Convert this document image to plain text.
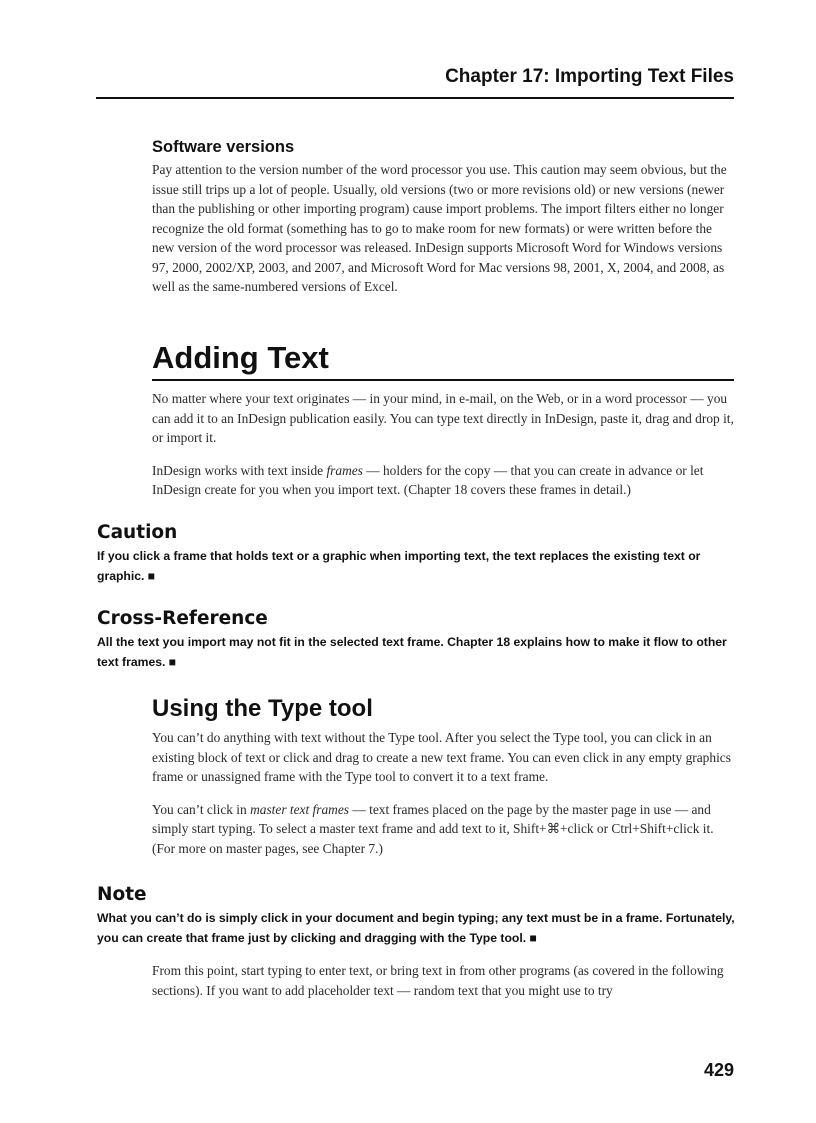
Chapter 17: Importing Text Files
Software versions

Pay attention to the version number of the word processor you use. This caution may seem obvious, but the issue still trips up a lot of people. Usually, old versions (two or more revisions old) or new versions (newer than the publishing or other importing program) cause import problems. The import filters either no longer recognize the old format (something has to go to make room for new formats) or were written before the new version of the word processor was released. InDesign supports Microsoft Word for Windows versions 97, 2000, 2002/XP, 2003, and 2007, and Microsoft Word for Mac versions 98, 2001, X, 2004, and 2008, as well as the same-numbered versions of Excel.

Adding Text

No matter where your text originates — in your mind, in e-mail, on the Web, or in a word processor — you can add it to an InDesign publication easily. You can type text directly in InDesign, paste it, drag and drop it, or import it.

InDesign works with text inside frames — holders for the copy — that you can create in advance or let InDesign create for you when you import text. (Chapter 18 covers these frames in detail.)

Caution

If you click a frame that holds text or a graphic when importing text, the text replaces the existing text or graphic. ■

Cross-Reference

All the text you import may not fit in the selected text frame. Chapter 18 explains how to make it flow to other text frames. ■

Using the Type tool

You can’t do anything with text without the Type tool. After you select the Type tool, you can click in an existing block of text or click and drag to create a new text frame. You can even click in any empty graphics frame or unassigned frame with the Type tool to convert it to a text frame.

You can’t click in master text frames — text frames placed on the page by the master page in use — and simply start typing. To select a master text frame and add text to it, Shift+⌘+click or Ctrl+Shift+click it. (For more on master pages, see Chapter 7.)

Note

What you can’t do is simply click in your document and begin typing; any text must be in a frame. Fortunately, you can create that frame just by clicking and dragging with the Type tool. ■

From this point, start typing to enter text, or bring text in from other programs (as covered in the following sections). If you want to add placeholder text — random text that you might use to try

429
